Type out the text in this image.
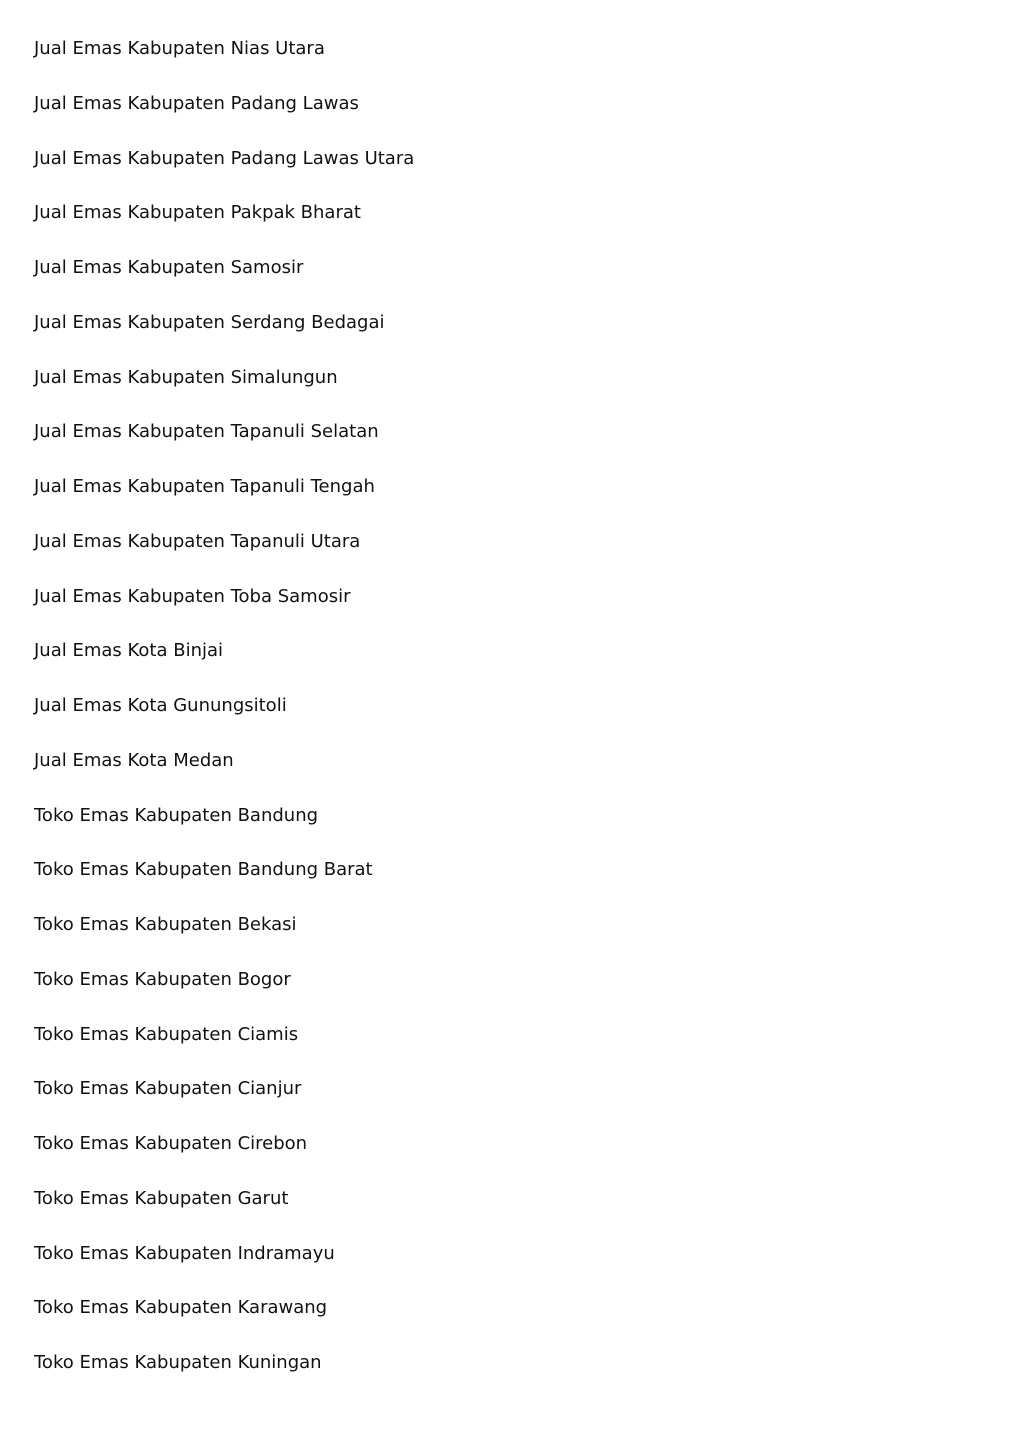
Jual Emas Kabupaten Nias Utara
Jual Emas Kabupaten Padang Lawas
Jual Emas Kabupaten Padang Lawas Utara
Jual Emas Kabupaten Pakpak Bharat
Jual Emas Kabupaten Samosir
Jual Emas Kabupaten Serdang Bedagai
Jual Emas Kabupaten Simalungun
Jual Emas Kabupaten Tapanuli Selatan
Jual Emas Kabupaten Tapanuli Tengah
Jual Emas Kabupaten Tapanuli Utara
Jual Emas Kabupaten Toba Samosir
Jual Emas Kota Binjai
Jual Emas Kota Gunungsitoli
Jual Emas Kota Medan
Toko Emas Kabupaten Bandung
Toko Emas Kabupaten Bandung Barat
Toko Emas Kabupaten Bekasi
Toko Emas Kabupaten Bogor
Toko Emas Kabupaten Ciamis
Toko Emas Kabupaten Cianjur
Toko Emas Kabupaten Cirebon
Toko Emas Kabupaten Garut
Toko Emas Kabupaten Indramayu
Toko Emas Kabupaten Karawang
Toko Emas Kabupaten Kuningan
